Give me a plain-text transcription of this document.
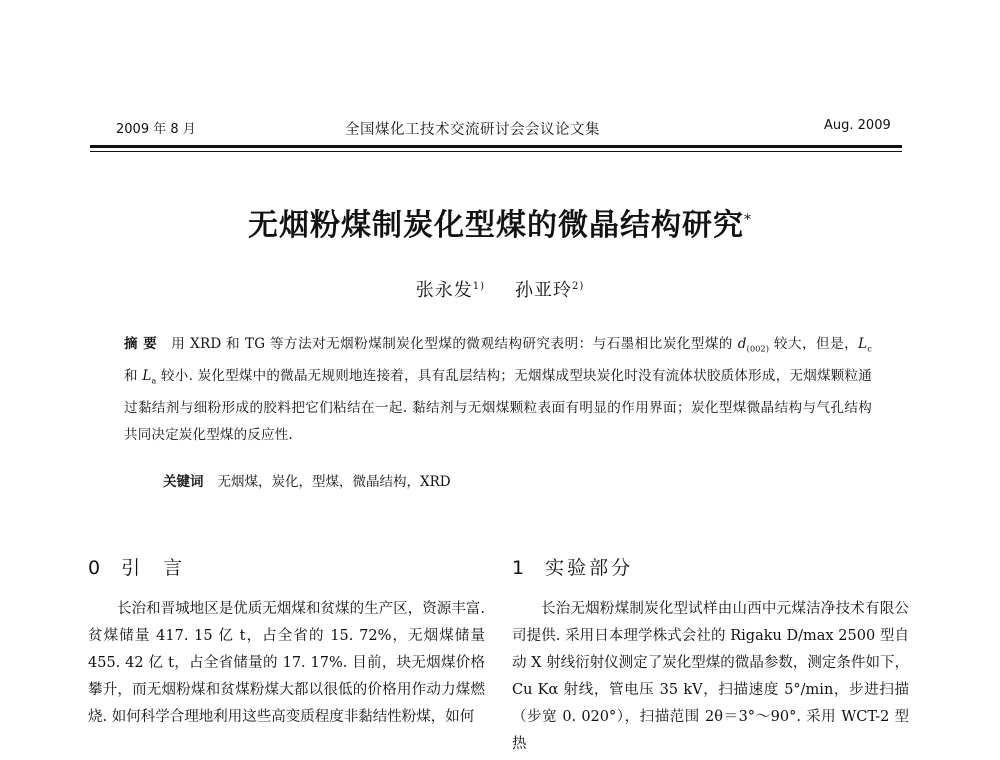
2009 年 8 月	全国煤化工技术交流研讨会会议论文集	Aug. 2009
无烟粉煤制炭化型煤的微晶结构研究*
张永发$^{1)}$ 孙亚玲$^{2)}$
摘 要 用 XRD 和 TG 等方法对无烟粉煤制炭化型煤的微观结构研究表明：与石墨相比炭化型煤的 $d_{(002)}$ 较大，但是，$L_c$ 和 $L_a$ 较小. 炭化型煤中的微晶无规则地连接着，具有乱层结构；无烟煤成型块炭化时没有流体状胶质体形成，无烟煤颗粒通过黏结剂与细粉形成的胶料把它们粘结在一起. 黏结剂与无烟煤颗粒表面有明显的作用界面；炭化型煤微晶结构与气孔结构共同决定炭化型煤的反应性.
关键词 无烟煤，炭化，型煤，微晶结构，XRD
0 引 言	1 实验部分

长治和晋城地区是优质无烟煤和贫煤的生产区，资源丰富. 贫煤储量 417. 15 亿 t，占全省的 15. 72%，无烟煤储量 455. 42 亿 t，占全省储量的 17. 17%. 目前，块无烟煤价格攀升，而无烟粉煤和贫煤粉煤大都以很低的价格用作动力煤燃烧. 如何科学合理地利用这些高变质程度非黏结性粉煤，如何

长治无烟粉煤制炭化型试样由山西中元煤洁净技术有限公司提供. 采用日本理学株式会社的 Rigaku D/max 2500 型自动 X 射线衍射仪测定了炭化型煤的微晶参数，测定条件如下，Cu Kα 射线，管电压 35 kV，扫描速度 5°/min，步进扫描（步宽 0. 020°），扫描范围 2θ＝3°～90°. 采用 WCT-2 型热
